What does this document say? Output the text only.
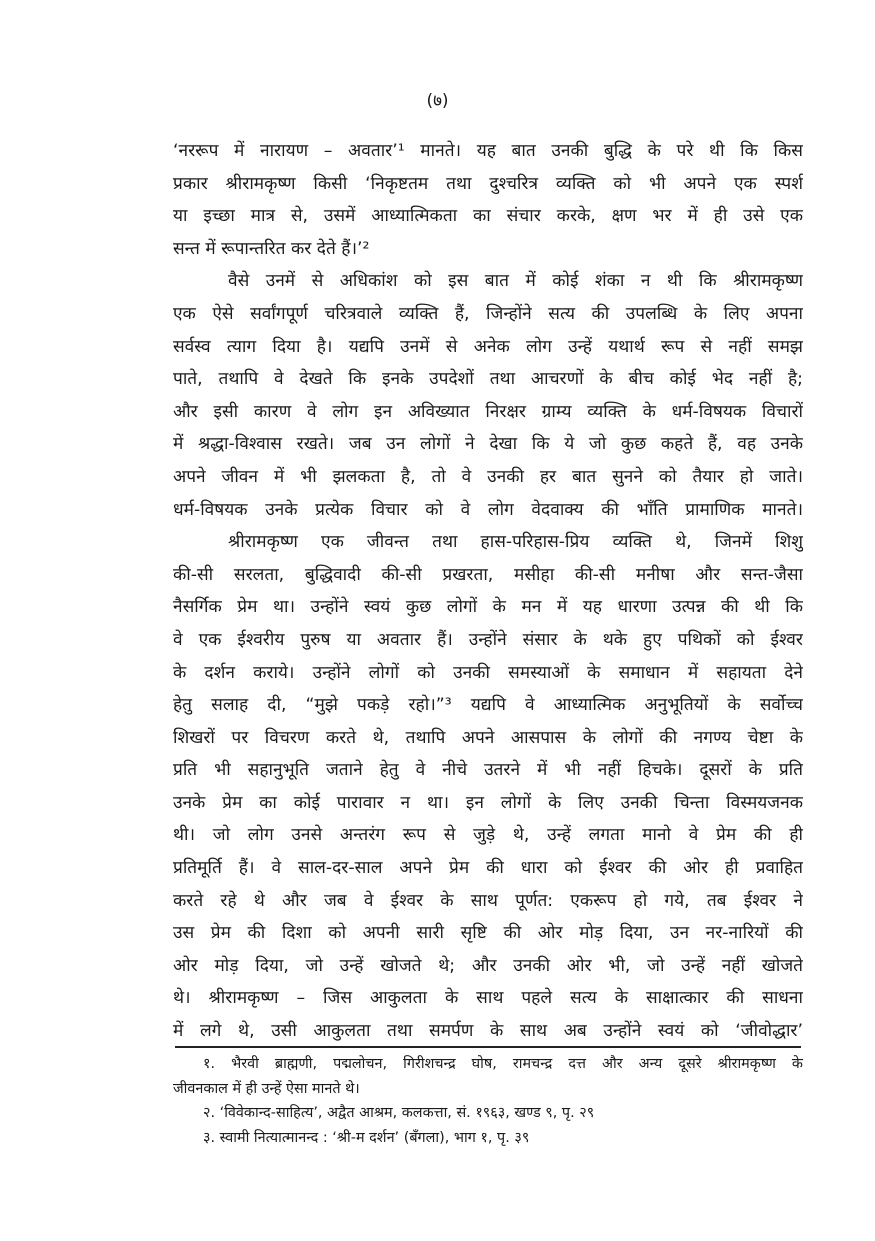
(७)
‘नररूप में नारायण – अवतार’¹ मानते। यह बात उनकी बुद्धि के परे थी कि किस
प्रकार श्रीरामकृष्ण किसी ‘निकृष्टतम तथा दुश्चरित्र व्यक्ति को भी अपने एक स्पर्श
या इच्छा मात्र से, उसमें आध्यात्मिकता का संचार करके, क्षण भर में ही उसे एक
सन्त में रूपान्तरित कर देते हैं।’²
वैसे उनमें से अधिकांश को इस बात में कोई शंका न थी कि श्रीरामकृष्ण
एक ऐसे सर्वांगपूर्ण चरित्रवाले व्यक्ति हैं, जिन्होंने सत्य की उपलब्धि के लिए अपना
सर्वस्व त्याग दिया है। यद्यपि उनमें से अनेक लोग उन्हें यथार्थ रूप से नहीं समझ
पाते, तथापि वे देखते कि इनके उपदेशों तथा आचरणों के बीच कोई भेद नहीं है;
और इसी कारण वे लोग इन अविख्यात निरक्षर ग्राम्य व्यक्ति के धर्म-विषयक विचारों
में श्रद्धा-विश्वास रखते। जब उन लोगों ने देखा कि ये जो कुछ कहते हैं, वह उनके
अपने जीवन में भी झलकता है, तो वे उनकी हर बात सुनने को तैयार हो जाते।
धर्म-विषयक उनके प्रत्येक विचार को वे लोग वेदवाक्य की भाँति प्रामाणिक मानते।
श्रीरामकृष्ण एक जीवन्त तथा हास-परिहास-प्रिय व्यक्ति थे, जिनमें शिशु
की-सी सरलता, बुद्धिवादी की-सी प्रखरता, मसीहा की-सी मनीषा और सन्त-जैसा
नैसर्गिक प्रेम था। उन्होंने स्वयं कुछ लोगों के मन में यह धारणा उत्पन्न की थी कि
वे एक ईश्वरीय पुरुष या अवतार हैं। उन्होंने संसार के थके हुए पथिकों को ईश्वर
के दर्शन कराये। उन्होंने लोगों को उनकी समस्याओं के समाधान में सहायता देने
हेतु सलाह दी, “मुझे पकड़े रहो।”³ यद्यपि वे आध्यात्मिक अनुभूतियों के सर्वोच्च
शिखरों पर विचरण करते थे, तथापि अपने आसपास के लोगों की नगण्य चेष्टा के
प्रति भी सहानुभूति जताने हेतु वे नीचे उतरने में भी नहीं हिचके। दूसरों के प्रति
उनके प्रेम का कोई पारावार न था। इन लोगों के लिए उनकी चिन्ता विस्मयजनक
थी। जो लोग उनसे अन्तरंग रूप से जुड़े थे, उन्हें लगता मानो वे प्रेम की ही
प्रतिमूर्ति हैं। वे साल-दर-साल अपने प्रेम की धारा को ईश्वर की ओर ही प्रवाहित
करते रहे थे और जब वे ईश्वर के साथ पूर्णत: एकरूप हो गये, तब ईश्वर ने
उस प्रेम की दिशा को अपनी सारी सृष्टि की ओर मोड़ दिया, उन नर-नारियों की
ओर मोड़ दिया, जो उन्हें खोजते थे; और उनकी ओर भी, जो उन्हें नहीं खोजते
थे। श्रीरामकृष्ण – जिस आकुलता के साथ पहले सत्य के साक्षात्कार की साधना
में लगे थे, उसी आकुलता तथा समर्पण के साथ अब उन्होंने स्वयं को ‘जीवोद्धार’
१. भैरवी ब्राह्मणी, पद्मलोचन, गिरीशचन्द्र घोष, रामचन्द्र दत्त और अन्य दूसरे श्रीरामकृष्ण के
जीवनकाल में ही उन्हें ऐसा मानते थे।
२. ‘विवेकान्द-साहित्य’, अद्वैत आश्रम, कलकत्ता, सं. १९६३, खण्ड ९, पृ. २९
३. स्वामी नित्यात्मानन्द : ‘श्री-म दर्शन’ (बँगला), भाग १, पृ. ३९
